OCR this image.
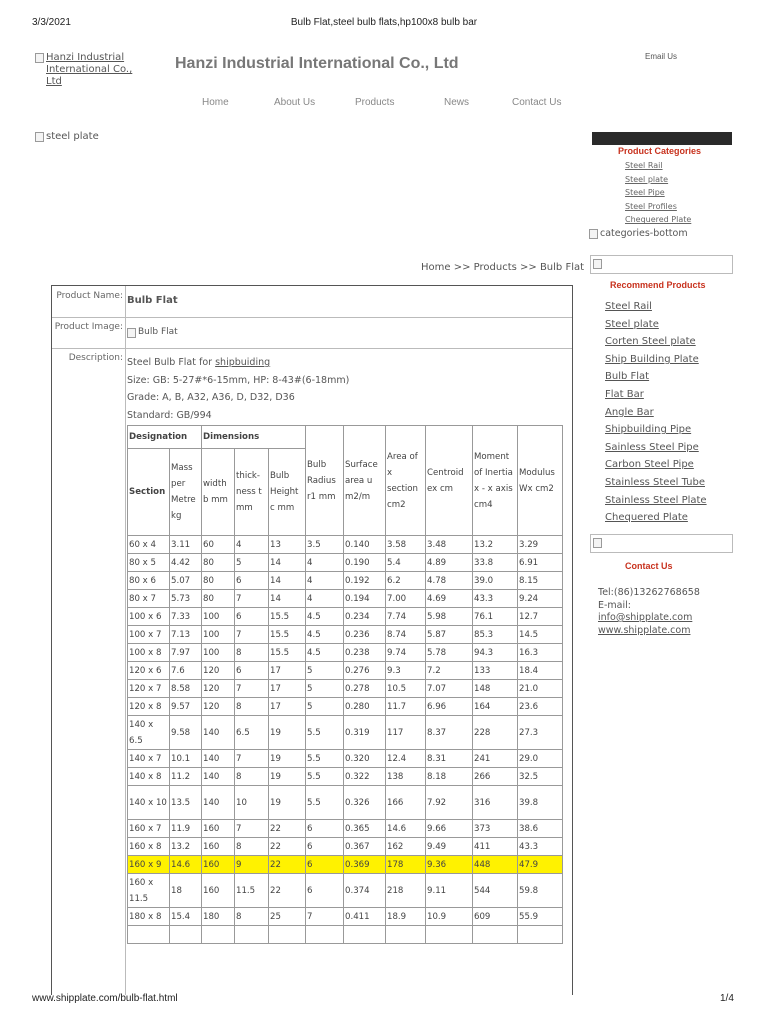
3/3/2021	Bulb Flat,steel bulb flats,hp100x8 bulb bar
Hanzi Industrial International Co., Ltd
Hanzi Industrial International Co., Ltd	Email Us
Home	About Us	Products	News	Contact Us
steel plate
Home >> Products >> Bulb Flat
Product Name: Bulb Flat
Product Image: Bulb Flat
Description: Steel Bulb Flat for shipbuiding
Size: GB: 5-27#*6-15mm, HP: 8-43#(6-18mm)
Grade: A, B, A32, A36, D, D32, D36
Standard: GB/994
Designation		Dimensions			Bulb Radius r1 mm	Surface area u m2/m	Area of x section cm2	Centroid ex cm	Moment of Inertia x - x axis cm4	Modulus Wx cm2
Section	Mass per Metre kg	width b mm	thick-ness t mm	Bulb Height c mm						
60 x 4	3.11	60	4	13	3.5	0.140	3.58	3.48	13.2	3.29
80 x 5	4.42	80	5	14	4	0.190	5.4	4.89	33.8	6.91
80 x 6	5.07	80	6	14	4	0.192	6.2	4.78	39.0	8.15
80 x 7	5.73	80	7	14	4	0.194	7.00	4.69	43.3	9.24
100 x 6	7.33	100	6	15.5	4.5	0.234	7.74	5.98	76.1	12.7
100 x 7	7.13	100	7	15.5	4.5	0.236	8.74	5.87	85.3	14.5
100 x 8	7.97	100	8	15.5	4.5	0.238	9.74	5.78	94.3	16.3
120 x 6	7.6	120	6	17	5	0.276	9.3	7.2	133	18.4
120 x 7	8.58	120	7	17	5	0.278	10.5	7.07	148	21.0
120 x 8	9.57	120	8	17	5	0.280	11.7	6.96	164	23.6
140 x 6.5	9.58	140	6.5	19	5.5	0.319	117	8.37	228	27.3
140 x 7	10.1	140	7	19	5.5	0.320	12.4	8.31	241	29.0
140 x 8	11.2	140	8	19	5.5	0.322	138	8.18	266	32.5
140 x 10	13.5	140	10	19	5.5	0.326	166	7.92	316	39.8
160 x 7	11.9	160	7	22	6	0.365	14.6	9.66	373	38.6
160 x 8	13.2	160	8	22	6	0.367	162	9.49	411	43.3
160 x 9	14.6	160	9	22	6	0.369	178	9.36	448	47.9
160 x 11.5	18	160	11.5	22	6	0.374	218	9.11	544	59.8
180 x 8	15.4	180	8	25	7	0.411	18.9	10.9	609	55.9

Product Categories
Steel Rail
Steel plate
Steel Pipe
Steel Profiles
Chequered Plate
categories-bottom
Recommend Products
Steel Rail
Steel plate
Corten Steel plate
Ship Building Plate
Bulb Flat
Flat Bar
Angle Bar
Shipbuilding Pipe
Sainless Steel Pipe
Carbon Steel Pipe
Stainless Steel Tube
Stainless Steel Plate
Chequered Plate
Contact Us
Tel:(86)13262768658
E-mail:
info@shipplate.com
www.shipplate.com
www.shipplate.com/bulb-flat.html	1/4
